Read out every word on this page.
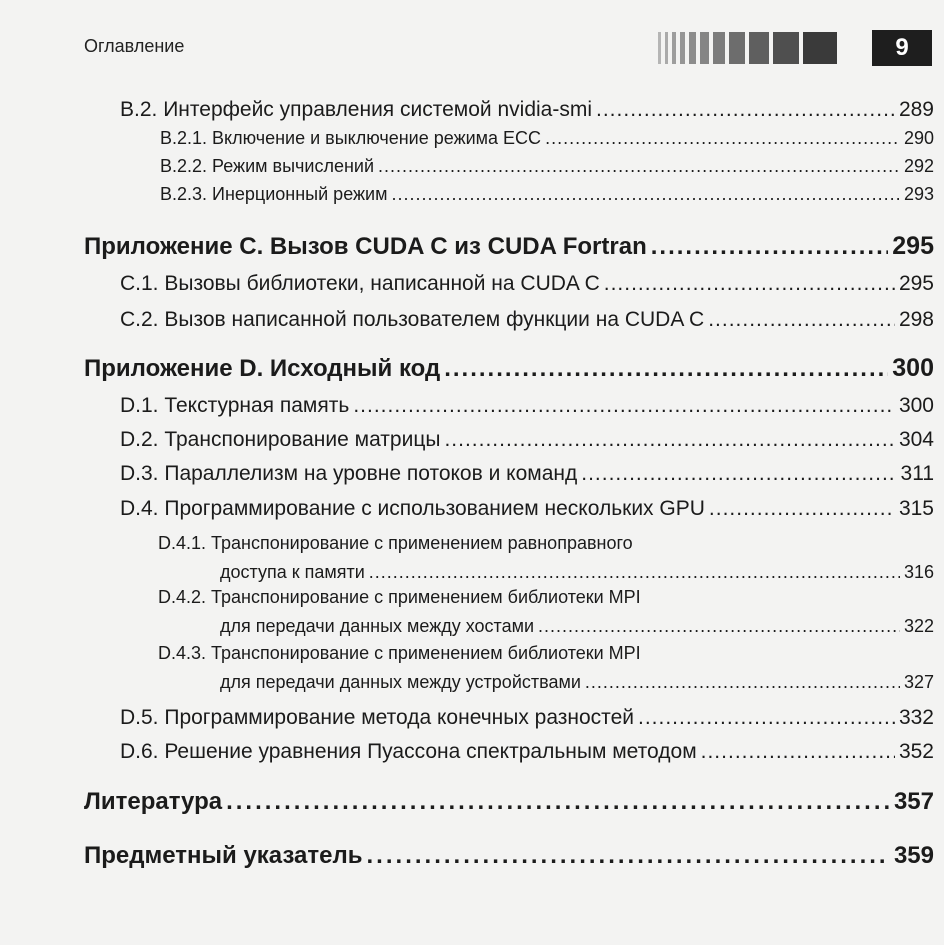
Оглавление	9
B.2. Интерфейс управления системой nvidia-smi .....	289
B.2.1. Включение и выключение режима ECC .....	290
B.2.2. Режим вычислений .....	292
B.2.3. Инерционный режим .....	293
Приложение С. Вызов CUDA C из CUDA Fortran .....	295
С.1. Вызовы библиотеки, написанной на CUDA C .....	295
С.2. Вызов написанной пользователем функции на CUDA C .....	298
Приложение D. Исходный код .....	300
D.1. Текстурная память .....	300
D.2. Транспонирование матрицы .....	304
D.3. Параллелизм на уровне потоков и команд .....	311
D.4. Программирование с использованием нескольких GPU .....	315
D.4.1. Транспонирование с применением равноправного
доступа к памяти .....	316
D.4.2. Транспонирование с применением библиотеки MPI
для передачи данных между хостами .....	322
D.4.3. Транспонирование с применением библиотеки MPI
для передачи данных между устройствами .....	327
D.5. Программирование метода конечных разностей .....	332
D.6. Решение уравнения Пуассона спектральным методом .....	352
Литература .....	357
Предметный указатель .....	359
